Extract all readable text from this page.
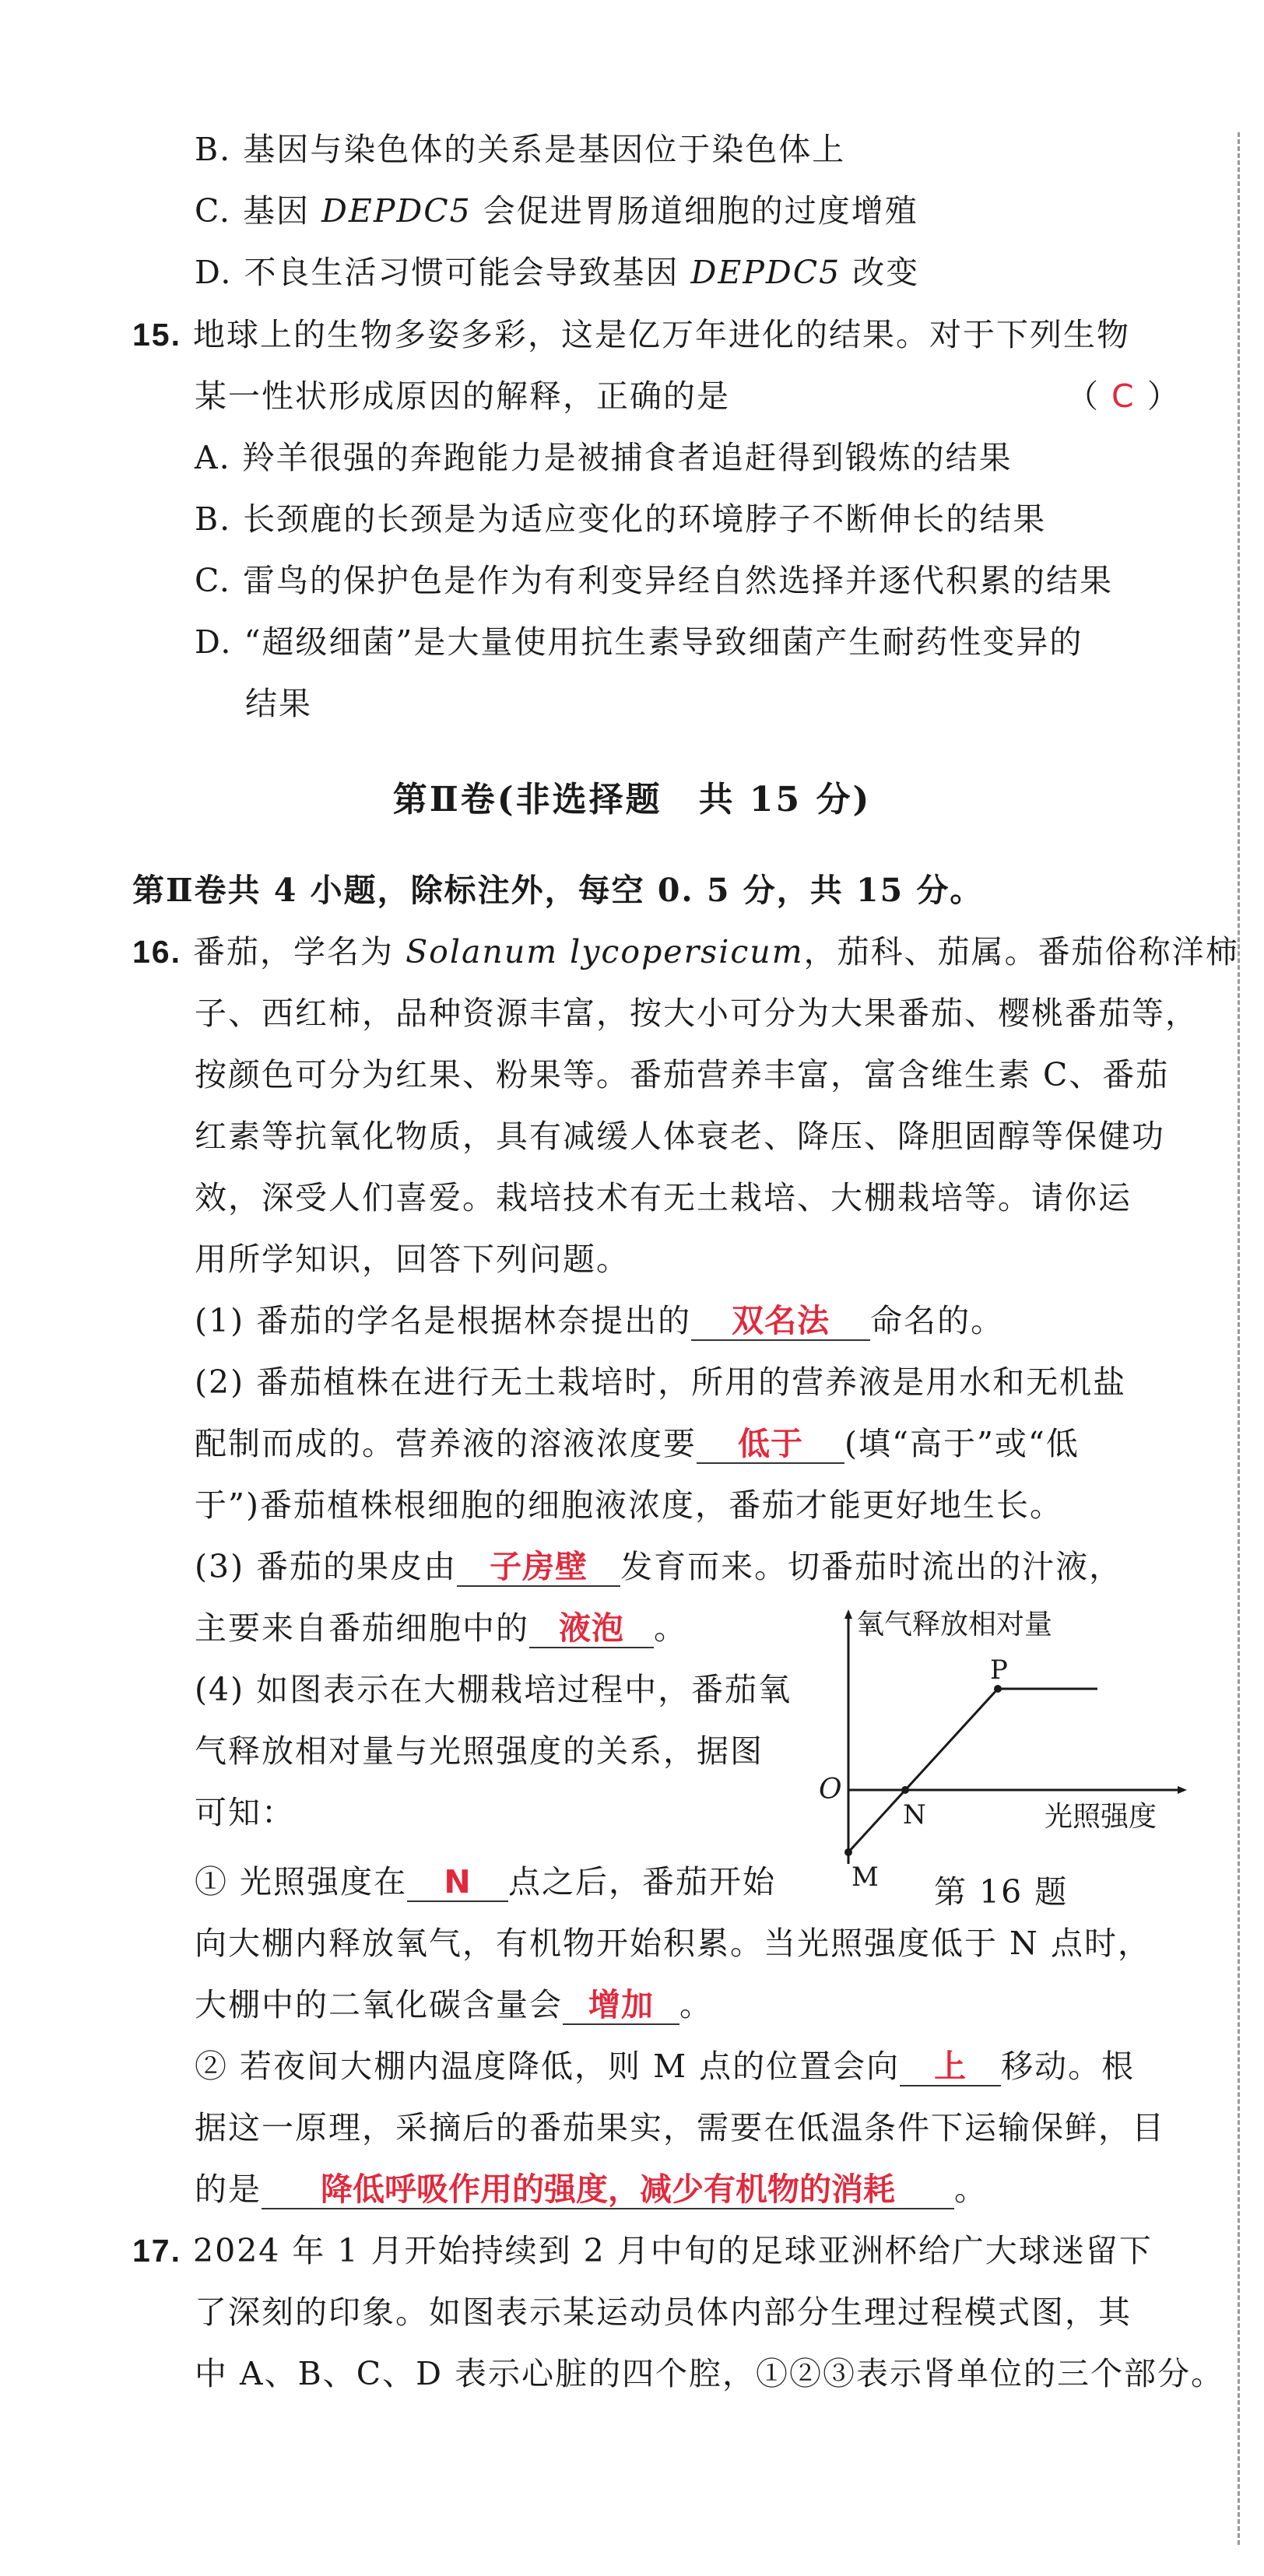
B. 基因与染色体的关系是基因位于染色体上
C. 基因 DEPDC5 会促进胃肠道细胞的过度增殖
D. 不良生活习惯可能会导致基因 DEPDC5 改变
15. 地球上的生物多姿多彩，这是亿万年进化的结果。对于下列生物
某一性状形成原因的解释，正确的是	（ C ）
A. 羚羊很强的奔跑能力是被捕食者追赶得到锻炼的结果
B. 长颈鹿的长颈是为适应变化的环境脖子不断伸长的结果
C. 雷鸟的保护色是作为有利变异经自然选择并逐代积累的结果
D. “超级细菌”是大量使用抗生素导致细菌产生耐药性变异的
结果
第Ⅱ卷(非选择题　共 15 分)
第Ⅱ卷共 4 小题，除标注外，每空 0. 5 分，共 15 分。
16. 番茄，学名为 Solanum lycopersicum，茄科、茄属。番茄俗称洋柿
子、西红柿，品种资源丰富，按大小可分为大果番茄、樱桃番茄等，
按颜色可分为红果、粉果等。番茄营养丰富，富含维生素 C、番茄
红素等抗氧化物质，具有减缓人体衰老、降压、降胆固醇等保健功
效，深受人们喜爱。栽培技术有无土栽培、大棚栽培等。请你运
用所学知识，回答下列问题。
(1) 番茄的学名是根据林奈提出的 双名法 命名的。
(2) 番茄植株在进行无土栽培时，所用的营养液是用水和无机盐
配制而成的。营养液的溶液浓度要 低于 (填“高于”或“低
于”)番茄植株根细胞的细胞液浓度，番茄才能更好地生长。
(3) 番茄的果皮由 子房壁 发育而来。切番茄时流出的汁液，
主要来自番茄细胞中的 液泡 。
(4) 如图表示在大棚栽培过程中，番茄氧
气释放相对量与光照强度的关系，据图
可知：
① 光照强度在 N 点之后，番茄开始
向大棚内释放氧气，有机物开始积累。当光照强度低于 N 点时，
大棚中的二氧化碳含量会 增加 。
② 若夜间大棚内温度降低，则 M 点的位置会向 上 移动。根
据这一原理，采摘后的番茄果实，需要在低温条件下运输保鲜，目
的是 降低呼吸作用的强度，减少有机物的消耗 。
氧气释放相对量
光照强度
O
P
N
M 第 16 题
17. 2024 年 1 月开始持续到 2 月中旬的足球亚洲杯给广大球迷留下
了深刻的印象。如图表示某运动员体内部分生理过程模式图，其
中 A、B、C、D 表示心脏的四个腔，①②③表示肾单位的三个部分。
